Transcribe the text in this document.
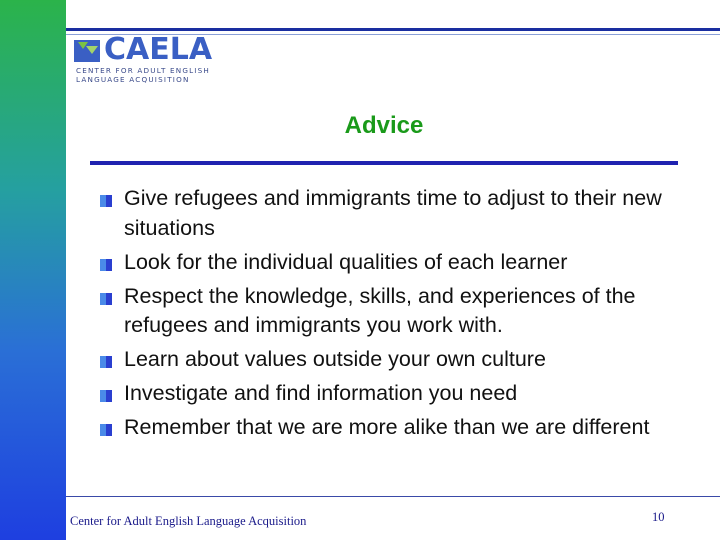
CAELA
CENTER FOR ADULT ENGLISH
LANGUAGE ACQUISITION
Advice
Give refugees and immigrants time to adjust to their new situations
Look for the individual qualities of each learner
Respect the knowledge, skills, and experiences of the refugees and immigrants you work with.
Learn about values outside your own culture
Investigate and find information you need
Remember that we are more alike than we are different
Center for Adult English Language Acquisition	10
